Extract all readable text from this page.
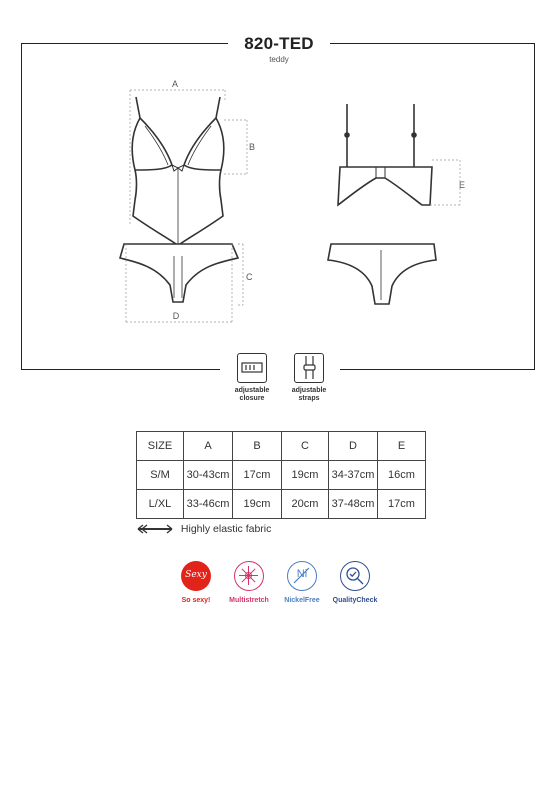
820-TED
teddy
A
B
C
D
E
adjustable
closure
adjustable
straps
SIZE	A	B	C	D	E
S/M	30-43cm	17cm	19cm	34-37cm	16cm
L/XL	33-46cm	19cm	20cm	37-48cm	17cm
Highly elastic fabric
Sexy
So sexy!	Multistretch
Ni
NickelFree	QualityCheck
